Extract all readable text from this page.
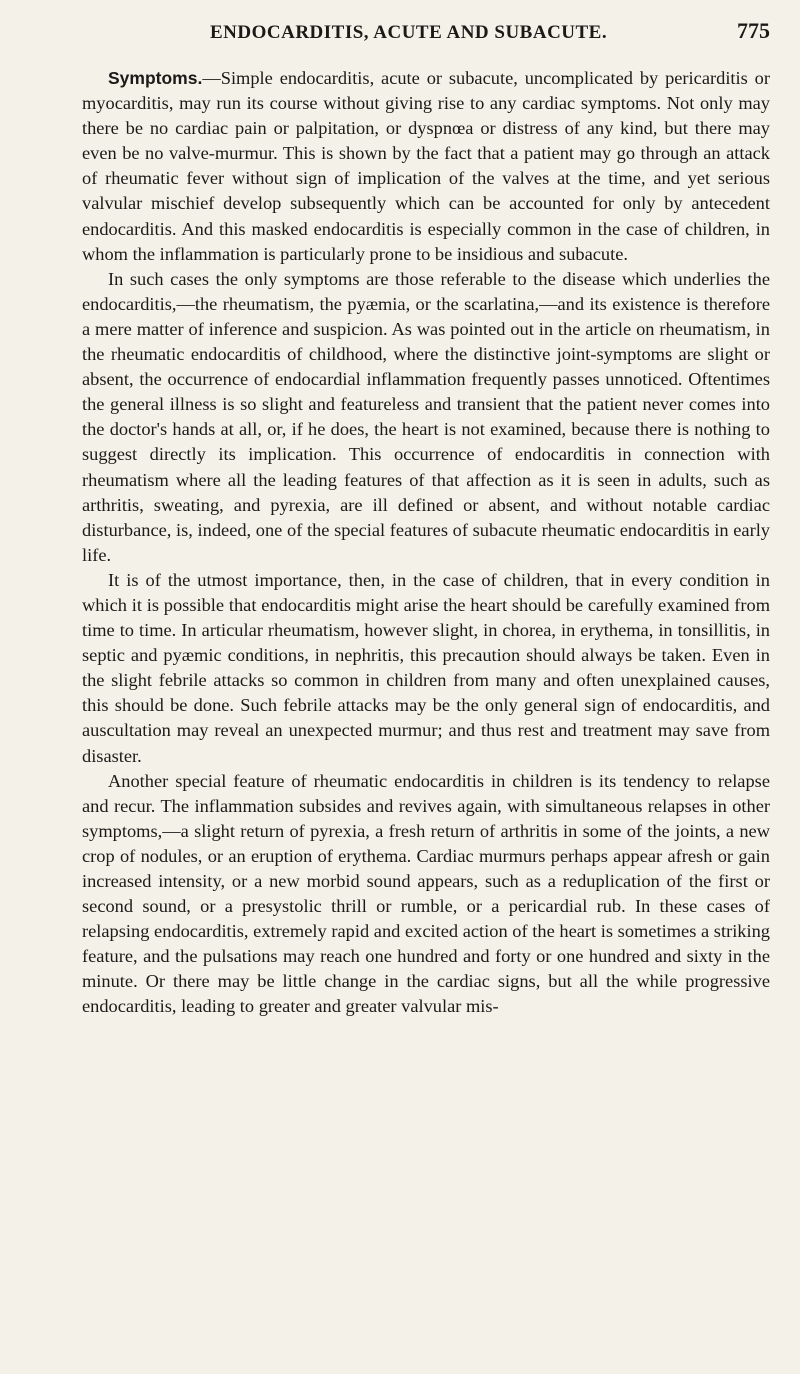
ENDOCARDITIS, ACUTE AND SUBACUTE.	775

Symptoms.—Simple endocarditis, acute or subacute, uncomplicated by pericarditis or myocarditis, may run its course without giving rise to any cardiac symptoms. Not only may there be no cardiac pain or palpitation, or dyspnœa or distress of any kind, but there may even be no valve-murmur. This is shown by the fact that a patient may go through an attack of rheumatic fever without sign of implication of the valves at the time, and yet serious valvular mischief develop subsequently which can be accounted for only by antecedent endocarditis. And this masked endocarditis is especially common in the case of children, in whom the inflammation is particularly prone to be insidious and subacute.

In such cases the only symptoms are those referable to the disease which underlies the endocarditis,—the rheumatism, the pyæmia, or the scarlatina,—and its existence is therefore a mere matter of inference and suspicion. As was pointed out in the article on rheumatism, in the rheumatic endocarditis of childhood, where the distinctive joint-symptoms are slight or absent, the occurrence of endocardial inflammation frequently passes unnoticed. Oftentimes the general illness is so slight and featureless and transient that the patient never comes into the doctor's hands at all, or, if he does, the heart is not examined, because there is nothing to suggest directly its implication. This occurrence of endocarditis in connection with rheumatism where all the leading features of that affection as it is seen in adults, such as arthritis, sweating, and pyrexia, are ill defined or absent, and without notable cardiac disturbance, is, indeed, one of the special features of subacute rheumatic endocarditis in early life.

It is of the utmost importance, then, in the case of children, that in every condition in which it is possible that endocarditis might arise the heart should be carefully examined from time to time. In articular rheumatism, however slight, in chorea, in erythema, in tonsillitis, in septic and pyæmic conditions, in nephritis, this precaution should always be taken. Even in the slight febrile attacks so common in children from many and often unexplained causes, this should be done. Such febrile attacks may be the only general sign of endocarditis, and auscultation may reveal an unexpected murmur; and thus rest and treatment may save from disaster.

Another special feature of rheumatic endocarditis in children is its tendency to relapse and recur. The inflammation subsides and revives again, with simultaneous relapses in other symptoms,—a slight return of pyrexia, a fresh return of arthritis in some of the joints, a new crop of nodules, or an eruption of erythema. Cardiac murmurs perhaps appear afresh or gain increased intensity, or a new morbid sound appears, such as a reduplication of the first or second sound, or a presystolic thrill or rumble, or a pericardial rub. In these cases of relapsing endocarditis, extremely rapid and excited action of the heart is sometimes a striking feature, and the pulsations may reach one hundred and forty or one hundred and sixty in the minute. Or there may be little change in the cardiac signs, but all the while progressive endocarditis, leading to greater and greater valvular mis-
